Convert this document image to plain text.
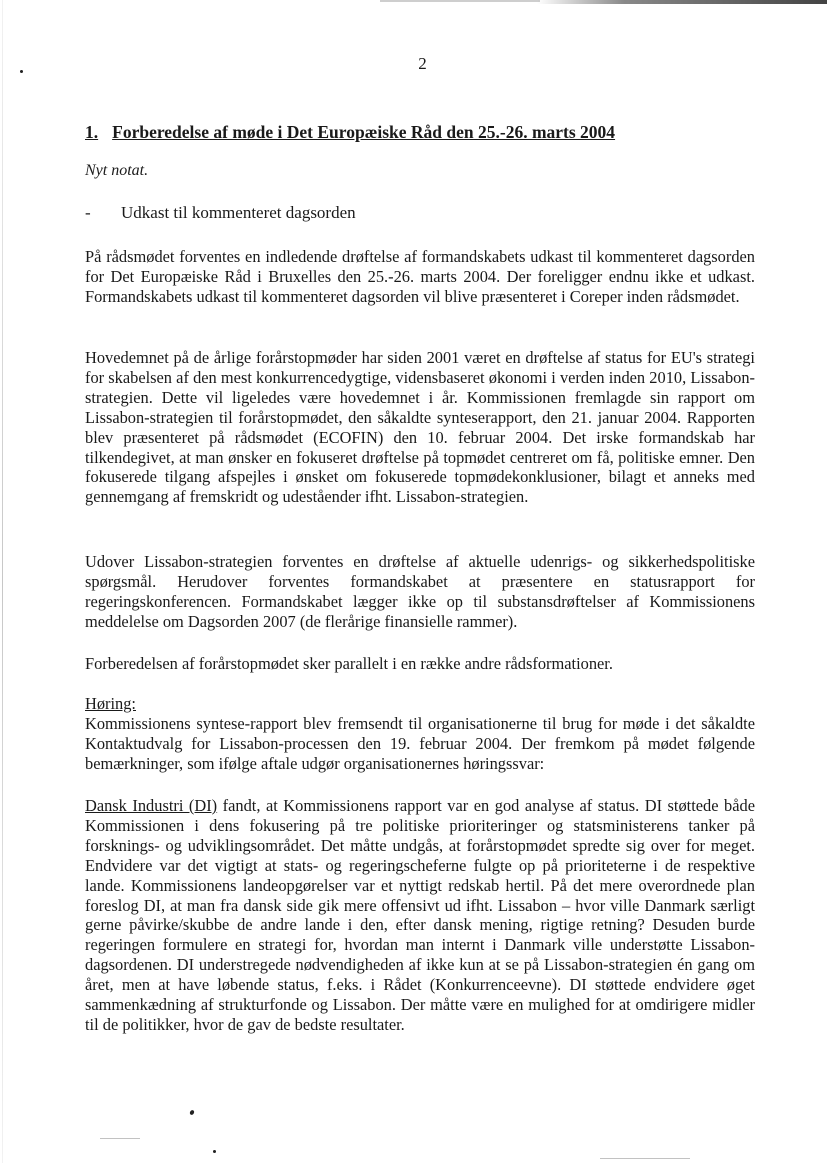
2
1. Forberedelse af møde i Det Europæiske Råd den 25.-26. marts 2004
Nyt notat.
- Udkast til kommenteret dagsorden

På rådsmødet forventes en indledende drøftelse af formandskabets udkast til kommenteret dagsorden for Det Europæiske Råd i Bruxelles den 25.-26. marts 2004. Der foreligger endnu ikke et udkast. Formandskabets udkast til kommenteret dagsorden vil blive præsenteret i Coreper inden rådsmødet.

Hovedemnet på de årlige forårstopmøder har siden 2001 været en drøftelse af status for EU's strategi for skabelsen af den mest konkurrencedygtige, vidensbaseret økonomi i verden inden 2010, Lissabon-strategien. Dette vil ligeledes være hovedemnet i år. Kommissionen fremlagde sin rapport om Lissabon-strategien til forårstopmødet, den såkaldte synteserapport, den 21. januar 2004. Rapporten blev præsenteret på rådsmødet (ECOFIN) den 10. februar 2004. Det irske formandskab har tilkendegivet, at man ønsker en fokuseret drøftelse på topmødet centreret om få, politiske emner. Den fokuserede tilgang afspejles i ønsket om fokuserede topmødekonklusioner, bilagt et anneks med gennemgang af fremskridt og udeståender ifht. Lissabon-strategien.

Udover Lissabon-strategien forventes en drøftelse af aktuelle udenrigs- og sikkerhedspolitiske spørgsmål. Herudover forventes formandskabet at præsentere en statusrapport for regeringskonferencen. Formandskabet lægger ikke op til substansdrøftelser af Kommissionens meddelelse om Dagsorden 2007 (de flerårige finansielle rammer).

Forberedelsen af forårstopmødet sker parallelt i en række andre rådsformationer.

Høring:
Kommissionens syntese-rapport blev fremsendt til organisationerne til brug for møde i det såkaldte Kontaktudvalg for Lissabon-processen den 19. februar 2004. Der fremkom på mødet følgende bemærkninger, som ifølge aftale udgør organisationernes høringssvar:

Dansk Industri (DI) fandt, at Kommissionens rapport var en god analyse af status. DI støttede både Kommissionen i dens fokusering på tre politiske prioriteringer og statsministerens tanker på forsknings- og udviklingsområdet. Det måtte undgås, at forårstopmødet spredte sig over for meget. Endvidere var det vigtigt at stats- og regeringscheferne fulgte op på prioriteterne i de respektive lande. Kommissionens landeopgørelser var et nyttigt redskab hertil. På det mere overordnede plan foreslog DI, at man fra dansk side gik mere offensivt ud ifht. Lissabon – hvor ville Danmark særligt gerne påvirke/skubbe de andre lande i den, efter dansk mening, rigtige retning? Desuden burde regeringen formulere en strategi for, hvordan man internt i Danmark ville understøtte Lissabon-dagsordenen. DI understregede nødvendigheden af ikke kun at se på Lissabon-strategien én gang om året, men at have løbende status, f.eks. i Rådet (Konkurrenceevne). DI støttede endvidere øget sammenkædning af strukturfonde og Lissabon. Der måtte være en mulighed for at omdirigere midler til de politikker, hvor de gav de bedste resultater.
